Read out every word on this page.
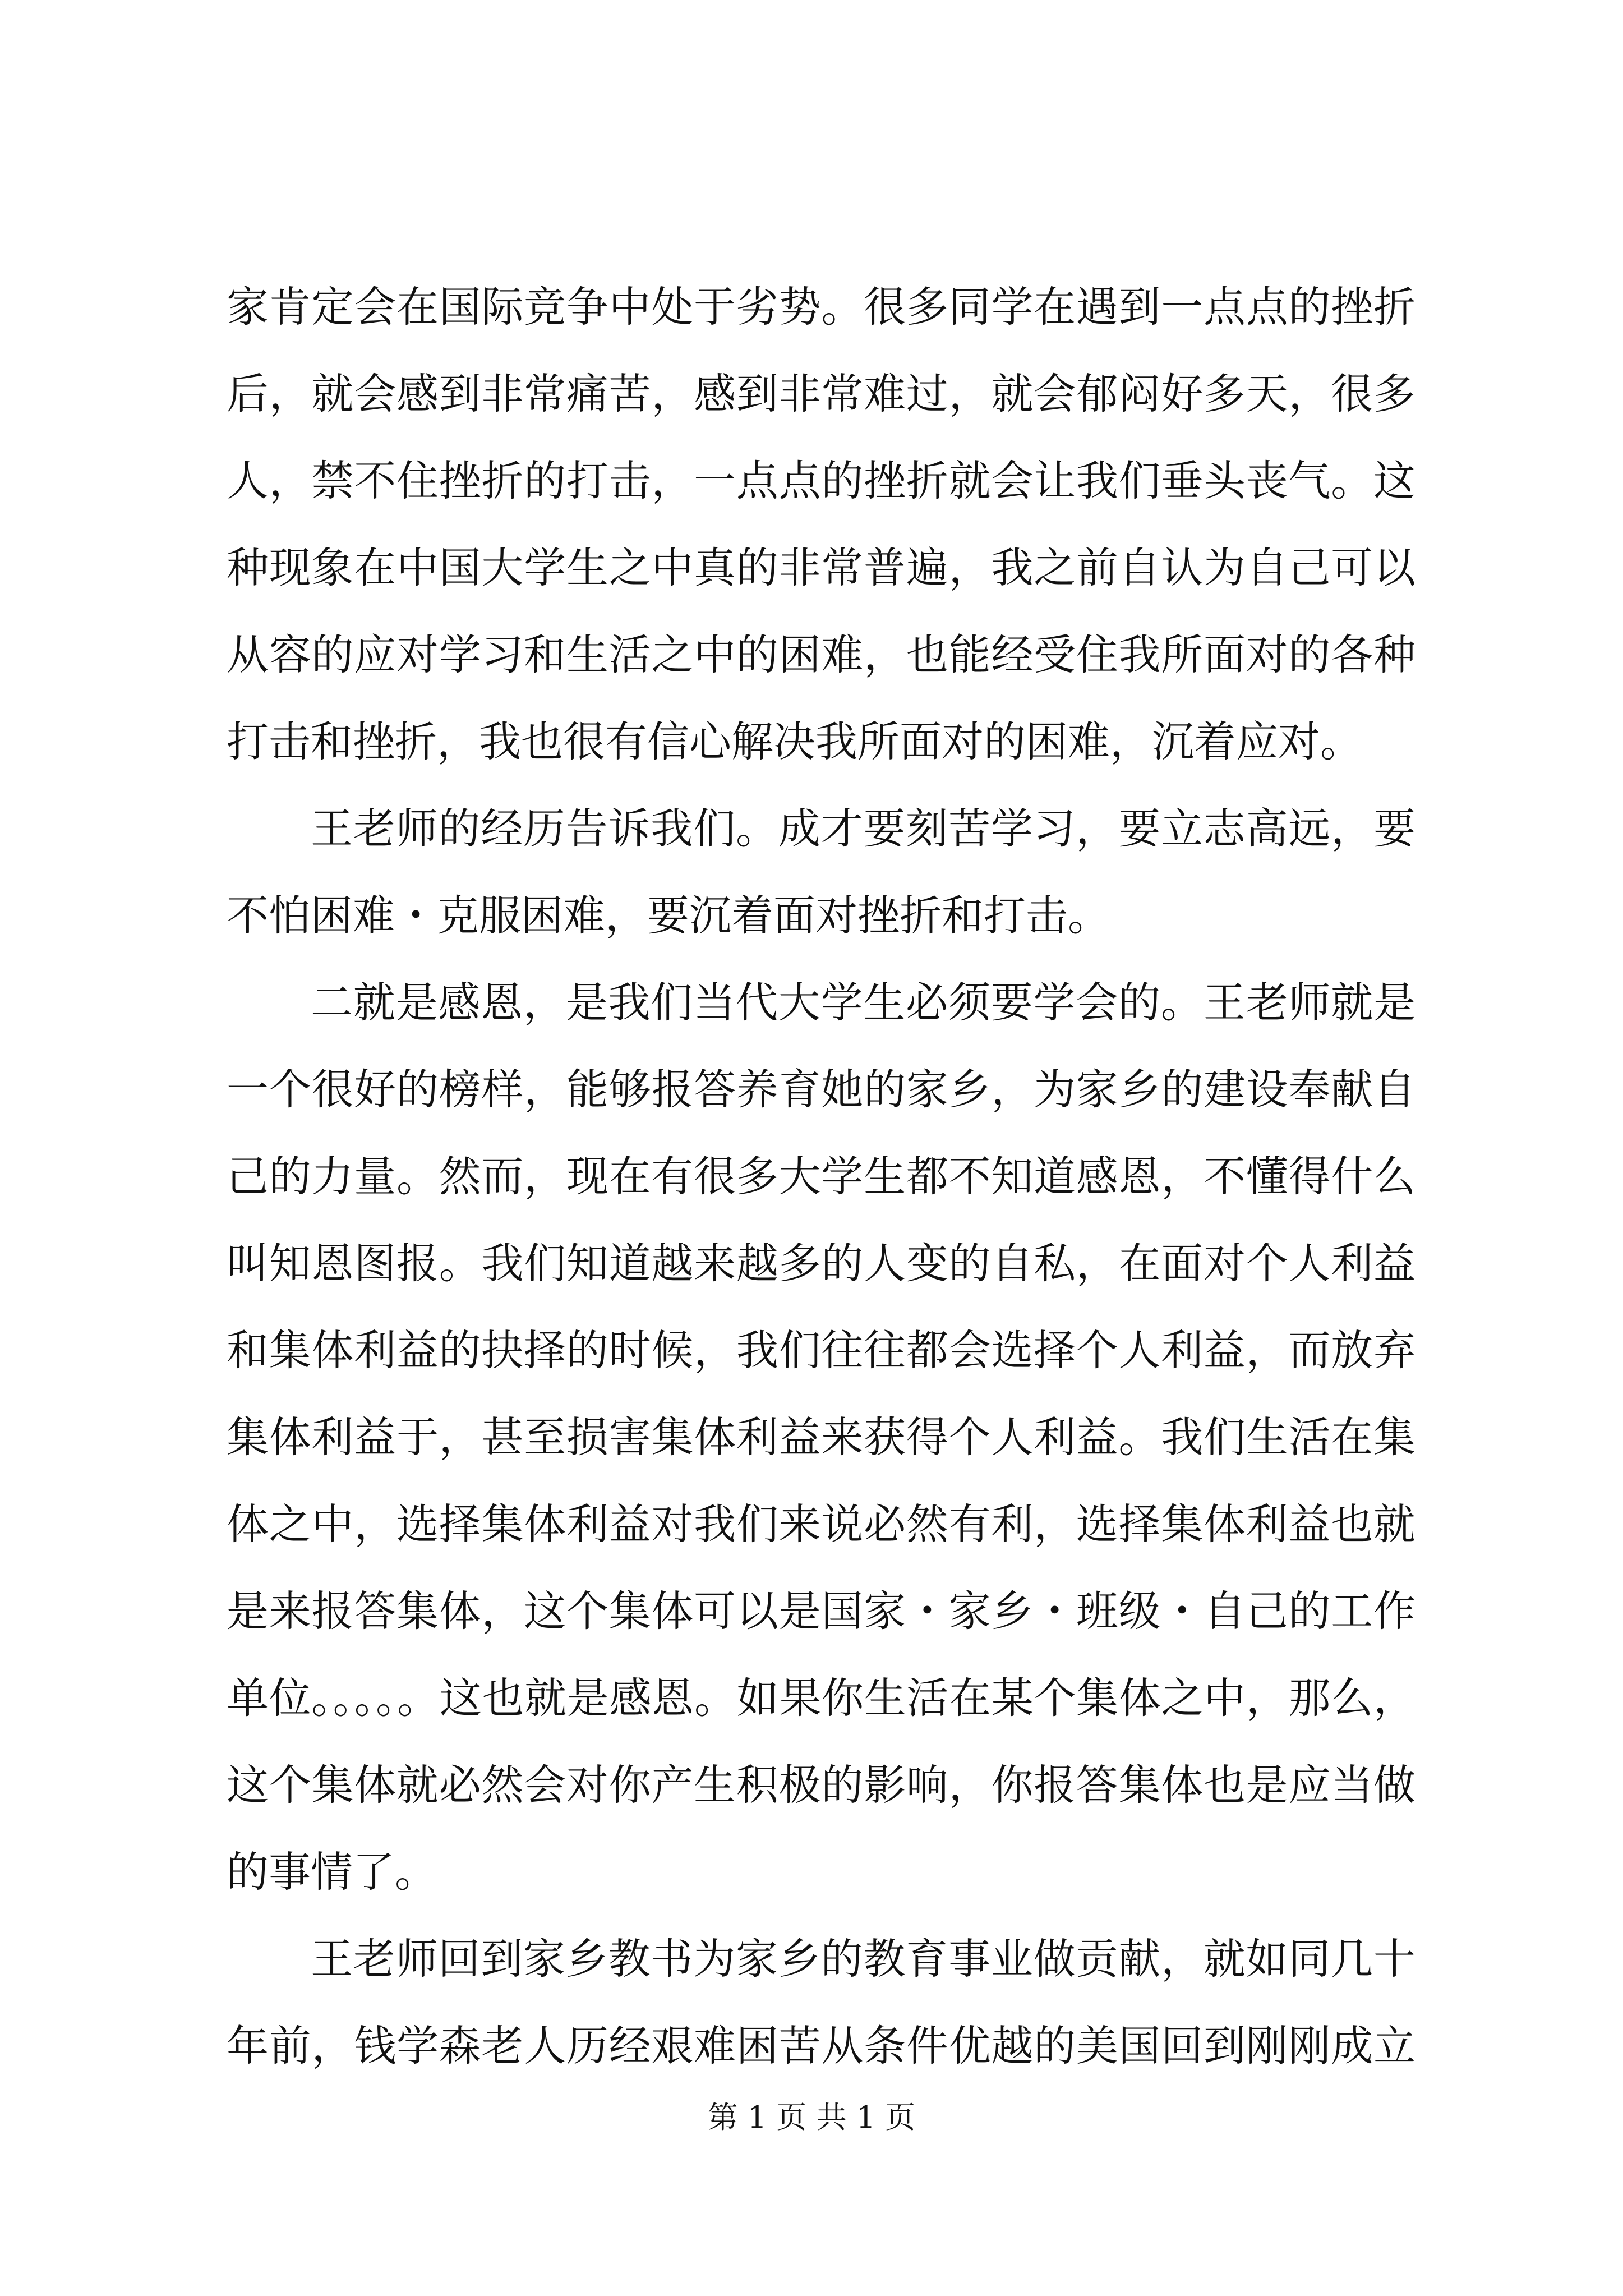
家肯定会在国际竞争中处于劣势。很多同学在遇到一点点的挫折
后，就会感到非常痛苦，感到非常难过，就会郁闷好多天，很多
人，禁不住挫折的打击，一点点的挫折就会让我们垂头丧气。这
种现象在中国大学生之中真的非常普遍，我之前自认为自己可以
从容的应对学习和生活之中的困难，也能经受住我所面对的各种
打击和挫折，我也很有信心解决我所面对的困难，沉着应对。
王老师的经历告诉我们。成才要刻苦学习，要立志高远，要
不怕困难・克服困难，要沉着面对挫折和打击。
二就是感恩，是我们当代大学生必须要学会的。王老师就是
一个很好的榜样，能够报答养育她的家乡，为家乡的建设奉献自
己的力量。然而，现在有很多大学生都不知道感恩，不懂得什么
叫知恩图报。我们知道越来越多的人变的自私，在面对个人利益
和集体利益的抉择的时候，我们往往都会选择个人利益，而放弃
集体利益于，甚至损害集体利益来获得个人利益。我们生活在集
体之中，选择集体利益对我们来说必然有利，选择集体利益也就
是来报答集体，这个集体可以是国家・家乡・班级・自己的工作
单位。。。。。这也就是感恩。如果你生活在某个集体之中，那么，
这个集体就必然会对你产生积极的影响，你报答集体也是应当做
的事情了。
王老师回到家乡教书为家乡的教育事业做贡献，就如同几十
年前，钱学森老人历经艰难困苦从条件优越的美国回到刚刚成立
第 1 页 共 1 页
